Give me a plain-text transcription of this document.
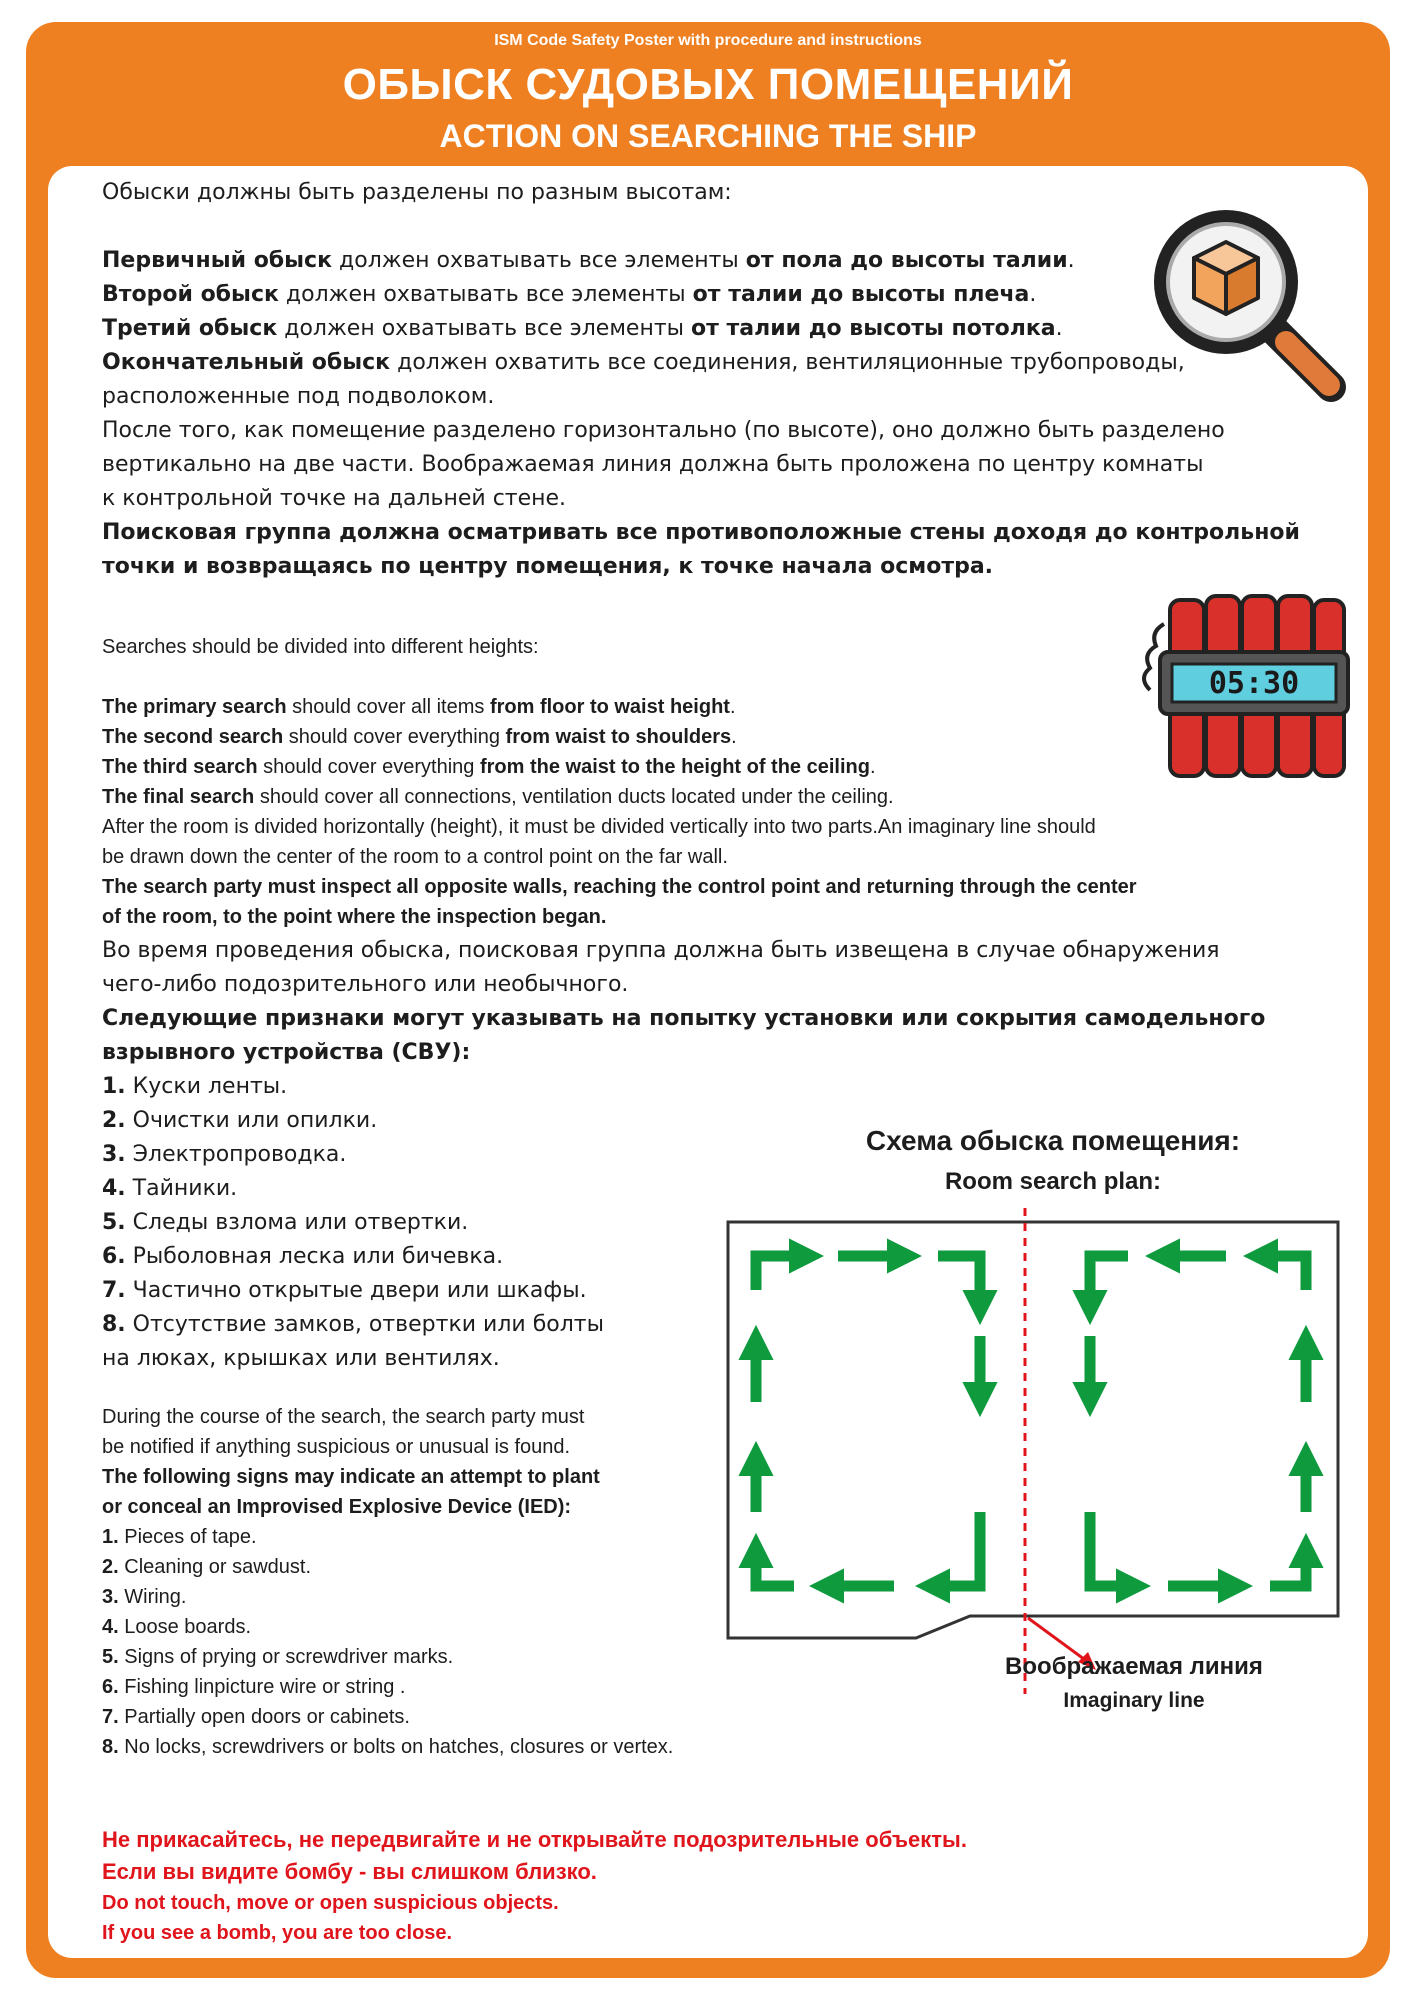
ISM Code Safety Poster with procedure and instructions
ОБЫСК СУДОВЫХ ПОМЕЩЕНИЙ
ACTION ON SEARCHING THE SHIP
Обыски должны быть разделены по разным высотам:

Первичный обыск должен охватывать все элементы от пола до высоты талии.
Второй обыск должен охватывать все элементы от талии до высоты плеча.
Третий обыск должен охватывать все элементы от талии до высоты потолка.
Окончательный обыск должен охватить все соединения, вентиляционные трубопроводы,
расположенные под подволоком.
После того, как помещение разделено горизонтально (по высоте), оно должно быть разделено
вертикально на две части. Воображаемая линия должна быть проложена по центру комнаты
к контрольной точке на дальней стене.
Поисковая группа должна осматривать все противоположные стены доходя до контрольной
точки и возвращаясь по центру помещения, к точке начала осмотра.
Searches should be divided into different heights:

The primary search should cover all items from floor to waist height.
The second search should cover everything from waist to shoulders.
The third search should cover everything from the waist to the height of the ceiling.
The final search should cover all connections, ventilation ducts located under the ceiling.
After the room is divided horizontally (height), it must be divided vertically into two parts.An imaginary line should
be drawn down the center of the room to a control point on the far wall.
The search party must inspect all opposite walls, reaching the control point and returning through the center
of the room, to the point where the inspection began.
05:30
Во время проведения обыска, поисковая группа должна быть извещена в случае обнаружения
чего-либо подозрительного или необычного.
Следующие признаки могут указывать на попытку установки или сокрытия самодельного
взрывного устройства (СВУ):
1. Куски ленты.
2. Очистки или опилки.
3. Электропроводка.
4. Тайники.
5. Следы взлома или отвертки.
6. Рыболовная леска или бичевка.
7. Частично открытые двери или шкафы.
8. Отсутствие замков, отвертки или болты
на люках, крышках или вентилях.
During the course of the search, the search party must
be notified if anything suspicious or unusual is found.
The following signs may indicate an attempt to plant
or conceal an Improvised Explosive Device (IED):
1. Pieces of tape.
2. Cleaning or sawdust.
3. Wiring.
4. Loose boards.
5. Signs of prying or screwdriver marks.
6. Fishing linpicture wire or string .
7. Partially open doors or cabinets.
8. No locks, screwdrivers or bolts on hatches, closures or vertex.
Схема обыска помещения:
Room search plan:
Воображаемая линия
Imaginary line
Не прикасайтесь, не передвигайте и не открывайте подозрительные объекты.
Если вы видите бомбу - вы слишком близко.
Do not touch, move or open suspicious objects.
If you see a bomb, you are too close.
